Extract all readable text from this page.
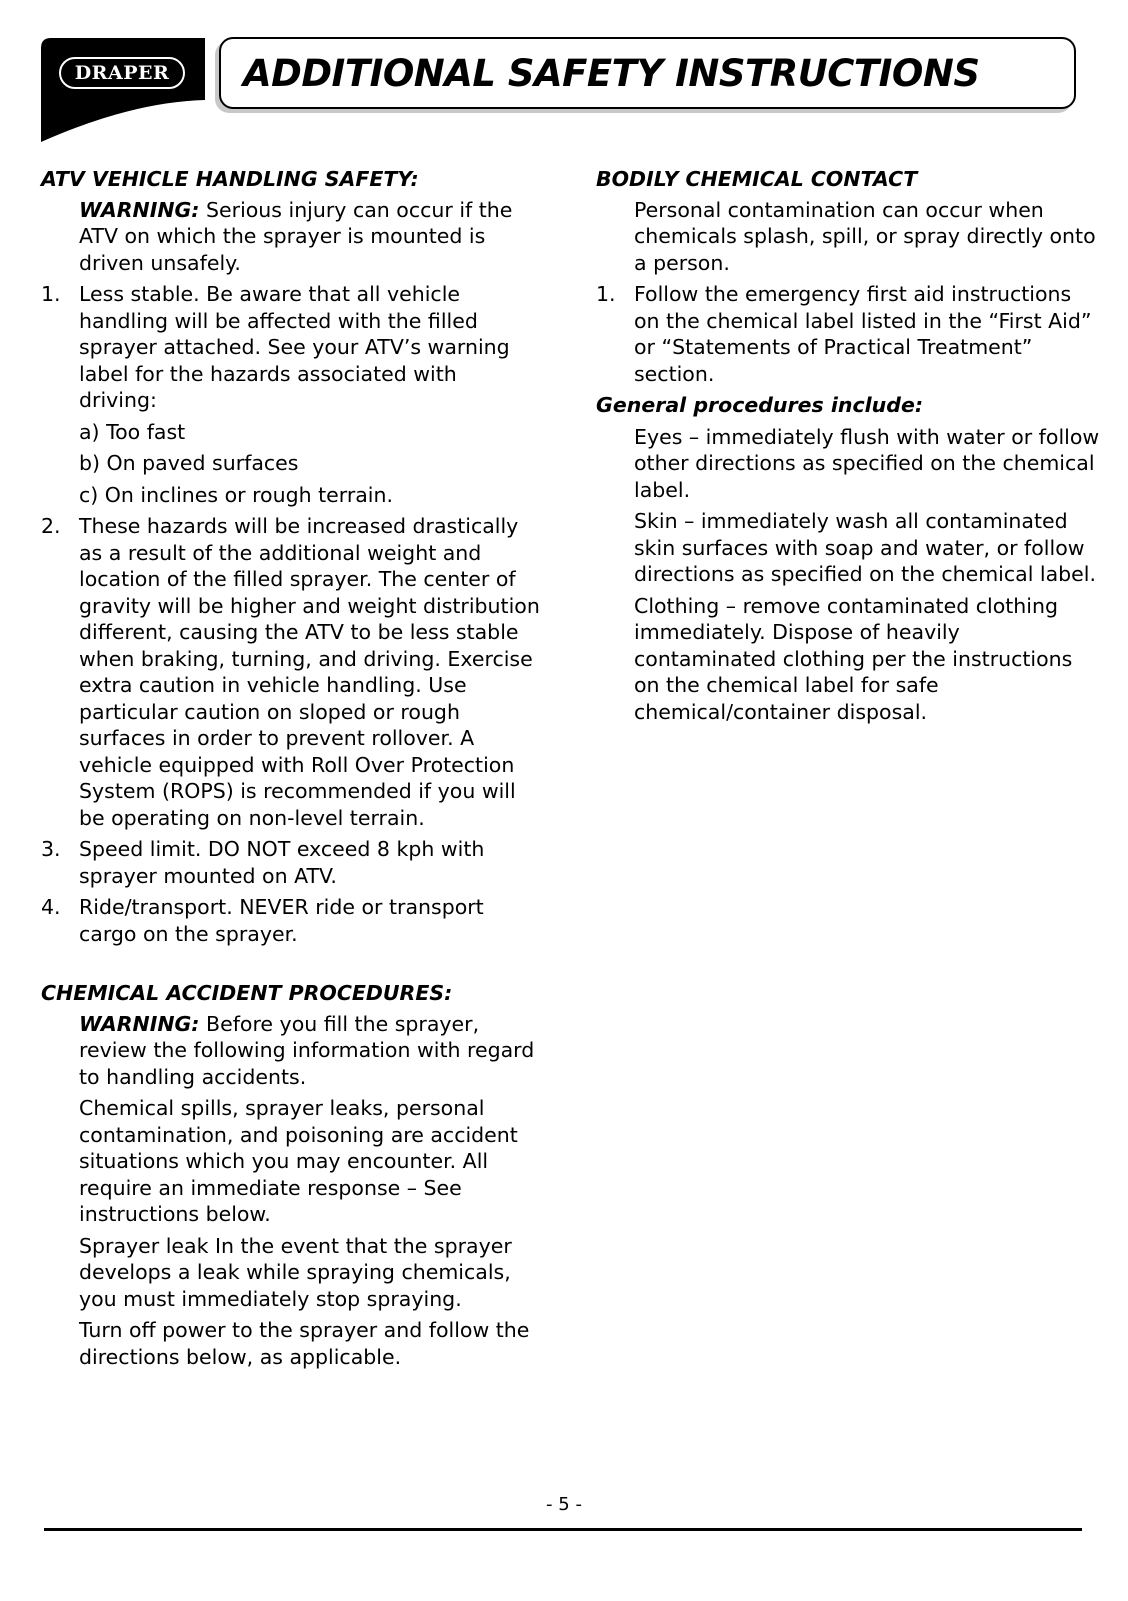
DRAPER
R
ADDITIONAL SAFETY INSTRUCTIONS
ATV VEHICLE HANDLING SAFETY:
WARNING: Serious injury can occur if the ATV on which the sprayer is mounted is driven unsafely.
1. Less stable. Be aware that all vehicle handling will be affected with the filled sprayer attached. See your ATV’s warning label for the hazards associated with driving:
a) Too fast
b) On paved surfaces
c) On inclines or rough terrain.
2. These hazards will be increased drastically as a result of the additional weight and location of the filled sprayer. The center of gravity will be higher and weight distribution different, causing the ATV to be less stable when braking, turning, and driving. Exercise extra caution in vehicle handling. Use particular caution on sloped or rough surfaces in order to prevent rollover. A vehicle equipped with Roll Over Protection System (ROPS) is recommended if you will be operating on non-level terrain.
3. Speed limit. DO NOT exceed 8 kph with sprayer mounted on ATV.
4. Ride/transport. NEVER ride or transport cargo on the sprayer.
CHEMICAL ACCIDENT PROCEDURES:
WARNING: Before you fill the sprayer, review the following information with regard to handling accidents.
Chemical spills, sprayer leaks, personal contamination, and poisoning are accident situations which you may encounter. All require an immediate response – See instructions below.
Sprayer leak In the event that the sprayer develops a leak while spraying chemicals, you must immediately stop spraying.
Turn off power to the sprayer and follow the directions below, as applicable.
BODILY CHEMICAL CONTACT
Personal contamination can occur when chemicals splash, spill, or spray directly onto a person.
1. Follow the emergency first aid instructions on the chemical label listed in the “First Aid” or “Statements of Practical Treatment” section.
General procedures include:
Eyes – immediately flush with water or follow other directions as specified on the chemical label.
Skin – immediately wash all contaminated skin surfaces with soap and water, or follow directions as specified on the chemical label.
Clothing – remove contaminated clothing immediately. Dispose of heavily contaminated clothing per the instructions on the chemical label for safe chemical/container disposal.
- 5 -
